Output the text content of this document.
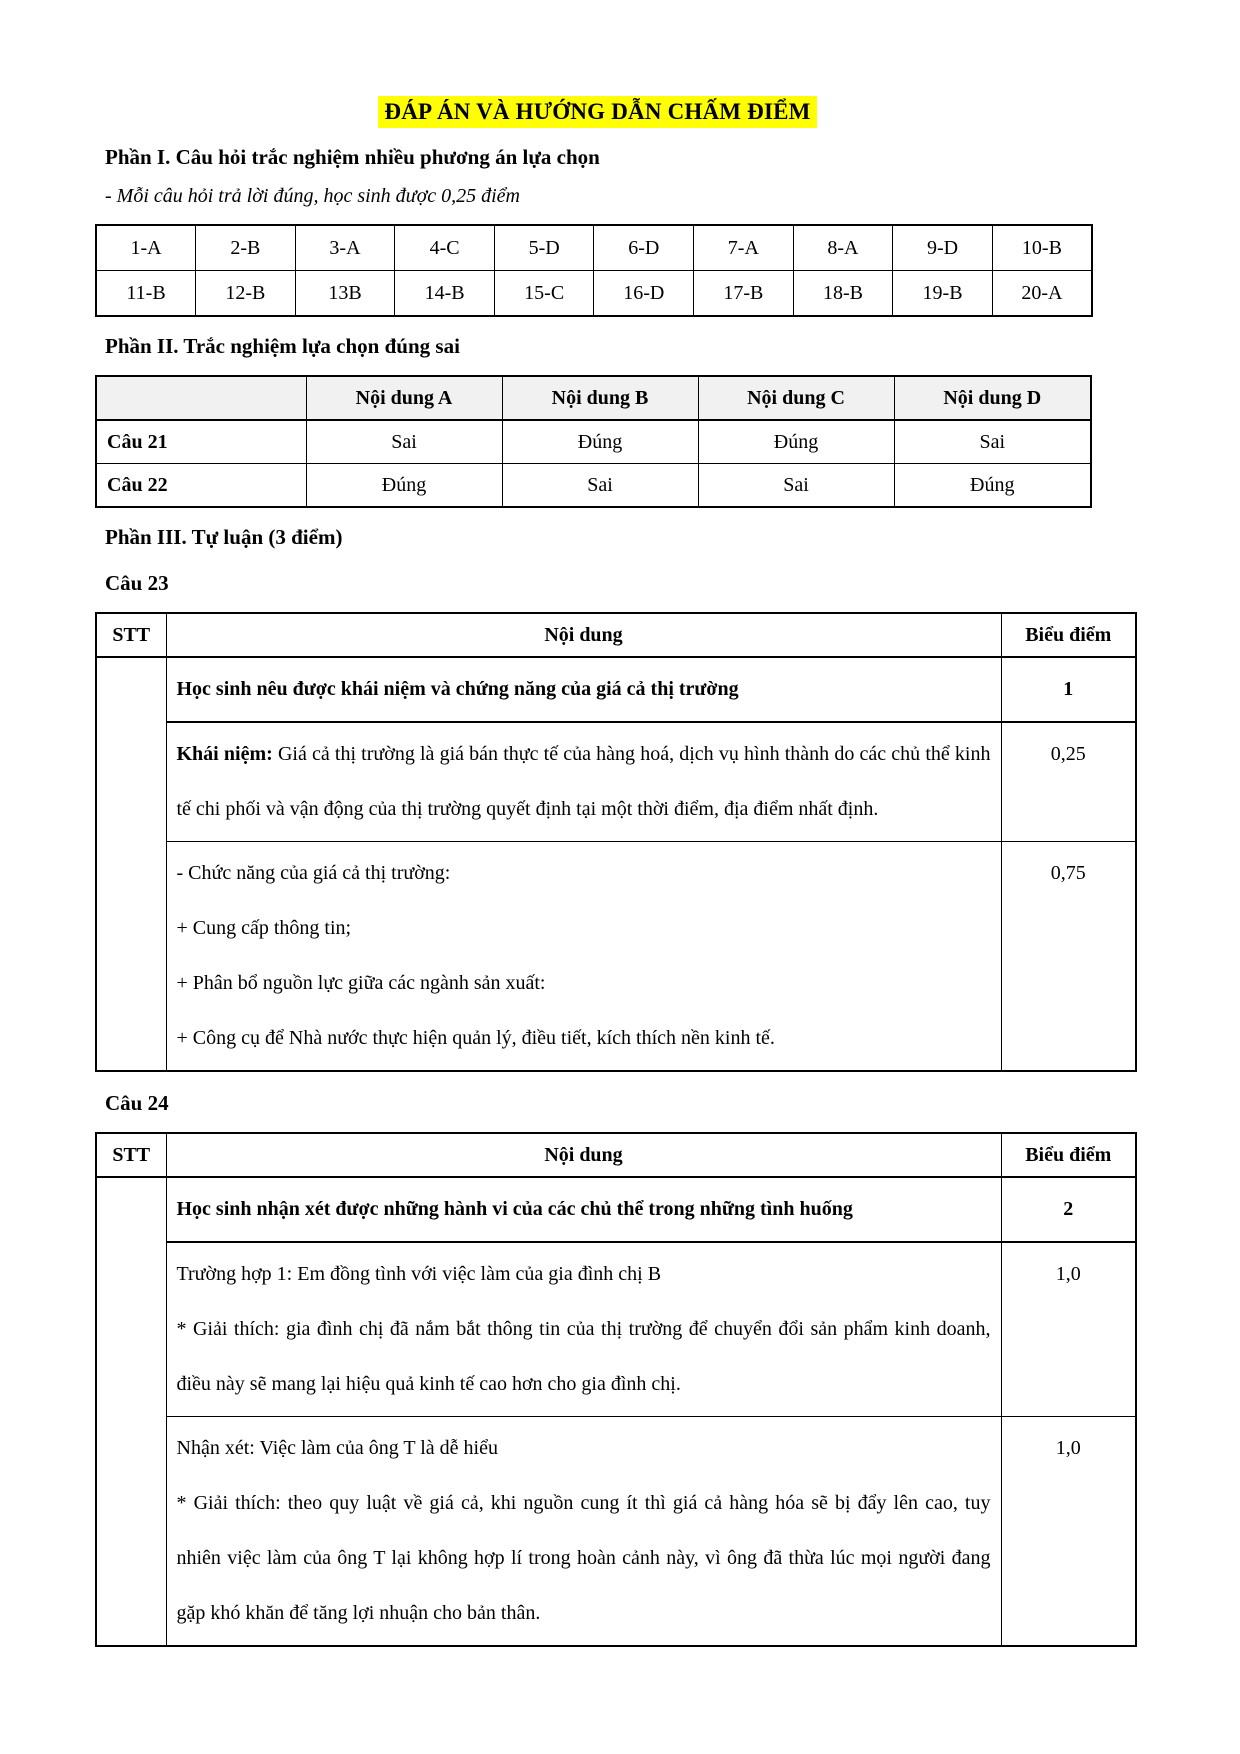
ĐÁP ÁN VÀ HƯỚNG DẪN CHẤM ĐIỂM
Phần I. Câu hỏi trắc nghiệm nhiều phương án lựa chọn
- Mỗi câu hỏi trả lời đúng, học sinh được 0,25 điểm
1-A	2-B	3-A	4-C	5-D	6-D	7-A	8-A	9-D	10-B
11-B	12-B	13B	14-B	15-C	16-D	17-B	18-B	19-B	20-A
Phần II. Trắc nghiệm lựa chọn đúng sai
	Nội dung A	Nội dung B	Nội dung C	Nội dung D
Câu 21	Sai	Đúng	Đúng	Sai
Câu 22	Đúng	Sai	Sai	Đúng
Phần III. Tự luận (3 điểm)
Câu 23
STT	Nội dung	Biểu điểm
	Học sinh nêu được khái niệm và chứng năng của giá cả thị trường	1
	Khái niệm: Giá cả thị trường là giá bán thực tế của hàng hoá, dịch vụ hình thành do các chủ thể kinh tế chi phối và vận động của thị trường quyết định tại một thời điểm, địa điểm nhất định.	0,25

	- Chức năng của giá cả thị trường:
+ Cung cấp thông tin;
+ Phân bổ nguồn lực giữa các ngành sản xuất:
+ Công cụ để Nhà nước thực hiện quản lý, điều tiết, kích thích nền kinh tế.	0,75
Câu 24
STT	Nội dung	Biểu điểm
	Học sinh nhận xét được những hành vi của các chủ thể trong những tình huống	2

	Trường hợp 1: Em đồng tình với việc làm của gia đình chị B
* Giải thích: gia đình chị đã nắm bắt thông tin của thị trường để chuyển đổi sản phẩm kinh doanh, điều này sẽ mang lại hiệu quả kinh tế cao hơn cho gia đình chị.	1,0

	Nhận xét: Việc làm của ông T là dễ hiểu
* Giải thích: theo quy luật về giá cả, khi nguồn cung ít thì giá cả hàng hóa sẽ bị đẩy lên cao, tuy nhiên việc làm của ông T lại không hợp lí trong hoàn cảnh này, vì ông đã thừa lúc mọi người đang gặp khó khăn để tăng lợi nhuận cho bản thân.	1,0
